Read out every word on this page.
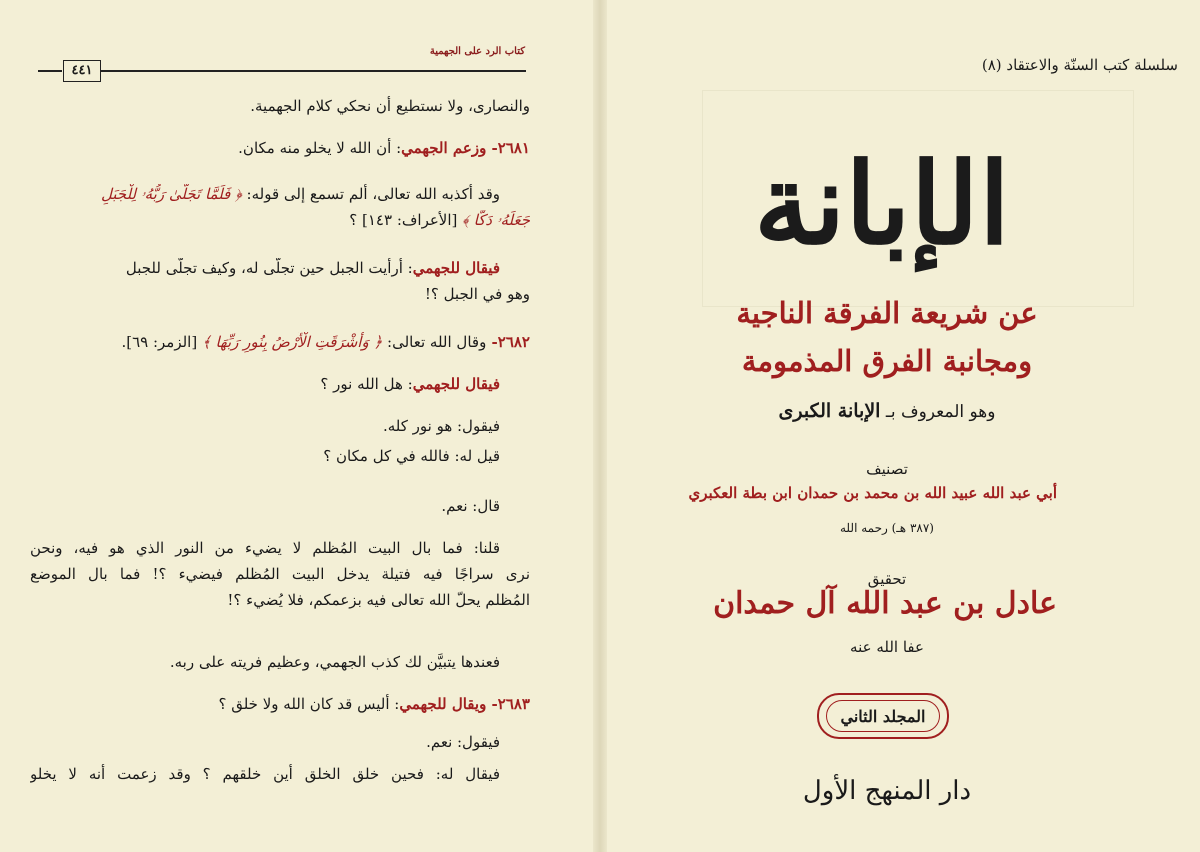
كتاب الرد على الجهمية
٤٤١
والنصارى، ولا نستطيع أن نحكي كلام الجهمية.
٢٦٨١- وزعم الجهمي: أن الله لا يخلو منه مكان.
وقد أكذبه الله تعالى، ألم تسمع إلى قوله: ﴿ فَلَمَّا تَجَلَّىٰ رَبُّهُۥ لِلْجَبَلِ
جَعَلَهُۥ دَكًّا ﴾ [الأعراف: ١٤٣] ؟
فيقال للجهمي: أرأيت الجبل حين تجلَّى له، وكيف تجلَّى للجبل
وهو في الجبل ؟!
٢٦٨٢- وقال الله تعالى: ﴿ وَأَشْرَقَتِ الْأَرْضُ بِنُورِ رَبِّهَا ﴾ [الزمر: ٦٩].
فيقال للجهمي: هل الله نور ؟
فيقول: هو نور كله.
قيل له: فالله في كل مكان ؟
قال: نعم.
قلنا: فما بال البيت المُظلم لا يضيء من النور الذي هو فيه، ونحن
نرى سراجًا فيه فتيلة يدخل البيت المُظلم فيضيء ؟! فما بال الموضع
المُظلم يحلّ الله تعالى فيه بزعمكم، فلا يُضيء ؟!
فعندها يتبيَّن لك كذب الجهمي، وعظيم فريته على ربه.
٢٦٨٣- ويقال للجهمي: أليس قد كان الله ولا خلق ؟
فيقول: نعم.
فيقال له: فحين خلق الخلق أين خلقهم ؟ وقد زعمت أنه لا يخلو
سلسلة كتب السنّة والاعتقاد (٨)
الإبانة
عن شريعة الفرقة الناجية
ومجانبة الفرق المذمومة
وهو المعروف بـ الإبانة الكبرى
تصنيف
أبي عبد الله عبيد الله بن محمد بن حمدان ابن بطة العكبري
(٣٨٧ هـ) رحمه الله
تحقيق
عادل بن عبد الله آل حمدان
عفا الله عنه
المجلد الثاني
دار المنهج الأول
